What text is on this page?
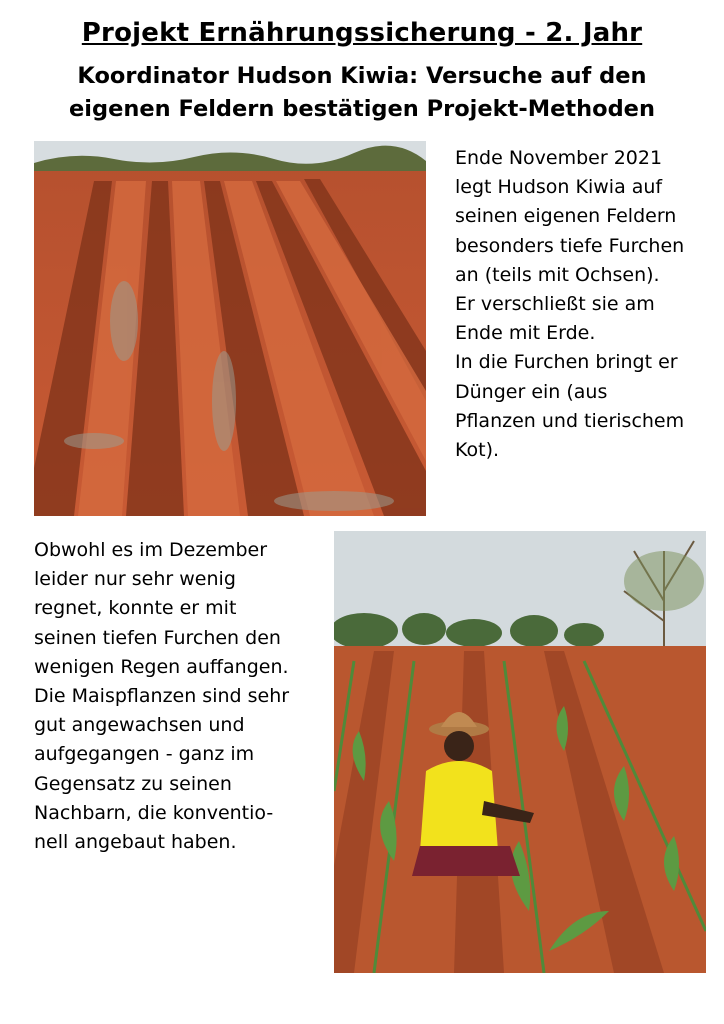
Projekt Ernährungssicherung - 2. Jahr
Koordinator Hudson Kiwia: Versuche auf den
eigenen Feldern bestätigen Projekt-Methoden
Ende November 2021
legt Hudson Kiwia auf
seinen eigenen Feldern
besonders tiefe Furchen
an (teils mit Ochsen).
Er verschließt sie am
Ende mit Erde.
In die Furchen bringt er
Dünger ein (aus
Pflanzen und tierischem
Kot).
Obwohl es im Dezember
leider nur sehr wenig
regnet, konnte er mit
seinen tiefen Furchen den
wenigen Regen auffangen.
Die Maispflanzen sind sehr
gut angewachsen und
aufgegangen - ganz im
Gegensatz zu seinen
Nachbarn, die konventio-
nell angebaut haben.
